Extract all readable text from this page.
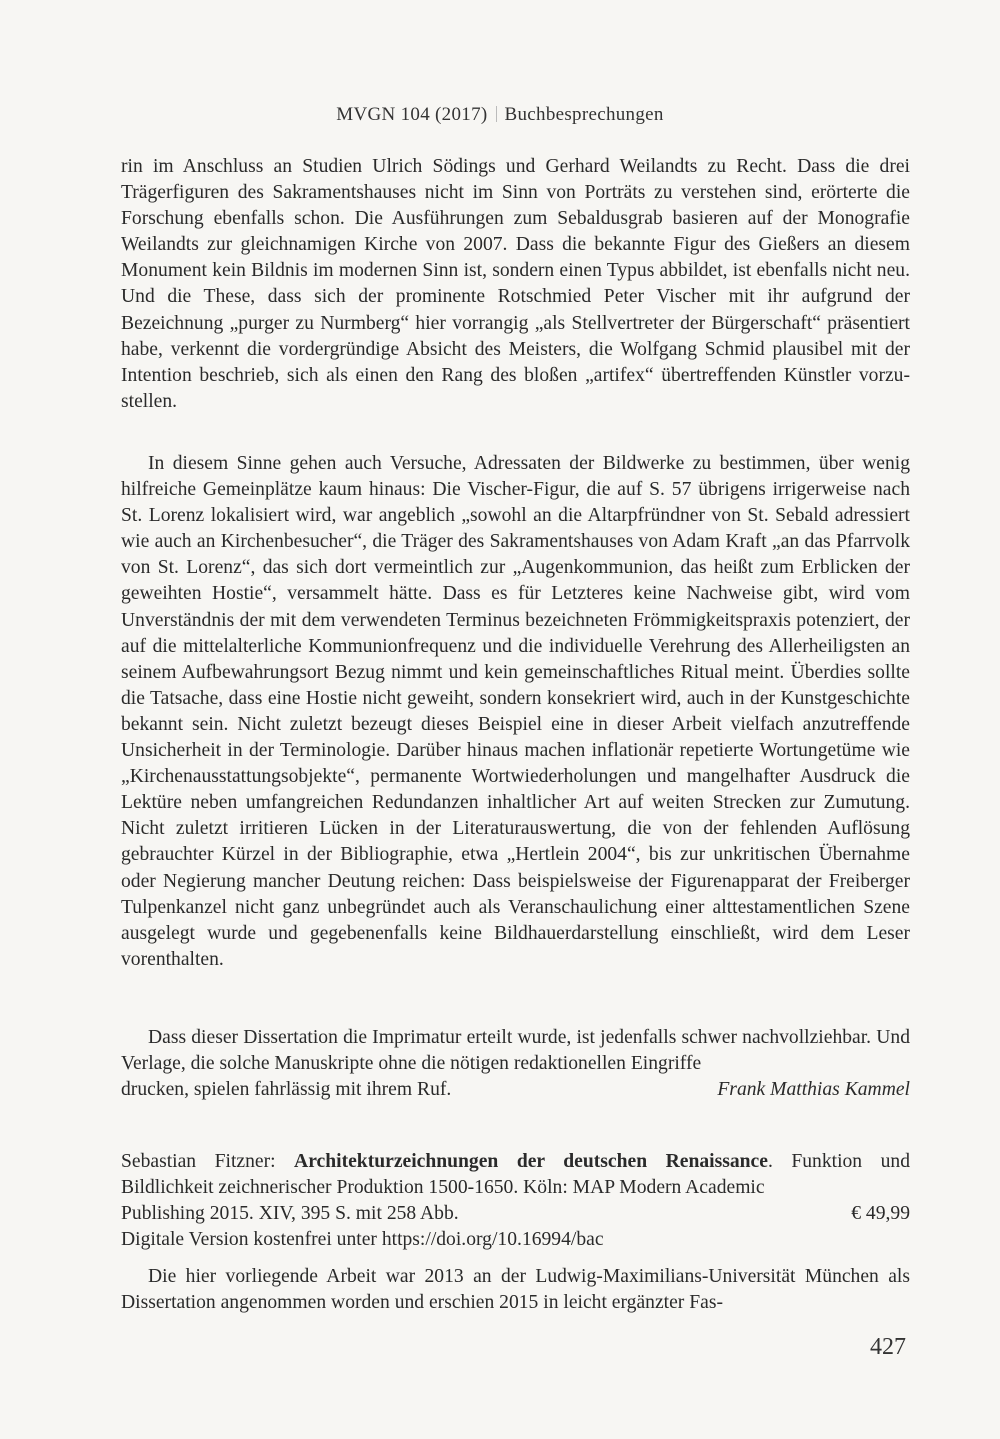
MVGN 104 (2017) Buchbesprechungen

rin im Anschluss an Studien Ulrich Södings und Gerhard Weilandts zu Recht. Dass die drei Trägerfiguren des Sakramentshauses nicht im Sinn von Porträts zu verstehen sind, erörterte die Forschung ebenfalls schon. Die Ausführungen zum Sebaldusgrab basieren auf der Monografie Weilandts zur gleichnamigen Kirche von 2007. Dass die bekannte Figur des Gießers an diesem Monument kein Bildnis im modernen Sinn ist, sondern einen Typus abbildet, ist ebenfalls nicht neu. Und die These, dass sich der prominente Rotschmied Peter Vischer mit ihr aufgrund der Bezeichnung „purger zu Nurmberg“ hier vorrangig „als Stellvertreter der Bürgerschaft“ präsentiert habe, verkennt die vordergründige Absicht des Meisters, die Wolfgang Schmid plausibel mit der Intention beschrieb, sich als einen den Rang des bloßen „artifex“ übertreffenden Künstler vorzustellen.

In diesem Sinne gehen auch Versuche, Adressaten der Bildwerke zu bestimmen, über wenig hilfreiche Gemeinplätze kaum hinaus: Die Vischer-Figur, die auf S. 57 übrigens irrigerweise nach St. Lorenz lokalisiert wird, war angeblich „sowohl an die Altarpfründner von St. Sebald adressiert wie auch an Kirchenbesucher“, die Träger des Sakramentshauses von Adam Kraft „an das Pfarrvolk von St. Lorenz“, das sich dort vermeintlich zur „Augenkommunion, das heißt zum Erblicken der geweihten Hostie“, versammelt hätte. Dass es für Letzteres keine Nachweise gibt, wird vom Unverständnis der mit dem verwendeten Terminus bezeichneten Frömmigkeitspraxis potenziert, der auf die mittelalterliche Kommunionfrequenz und die individuelle Verehrung des Allerheiligsten an seinem Aufbewahrungsort Bezug nimmt und kein gemeinschaftliches Ritual meint. Überdies sollte die Tatsache, dass eine Hostie nicht geweiht, sondern konsekriert wird, auch in der Kunstgeschichte bekannt sein. Nicht zuletzt bezeugt dieses Beispiel eine in dieser Arbeit vielfach anzutreffende Unsicherheit in der Terminologie. Darüber hinaus machen inflationär repetierte Wortungetüme wie „Kirchenausstattungsobjekte“, permanente Wortwiederholungen und mangelhafter Ausdruck die Lektüre neben umfangreichen Redundanzen inhaltlicher Art auf weiten Strecken zur Zumutung. Nicht zuletzt irritieren Lücken in der Literaturauswertung, die von der fehlenden Auflösung gebrauchter Kürzel in der Bibliographie, etwa „Hertlein 2004“, bis zur unkritischen Übernahme oder Negierung mancher Deutung reichen: Dass beispielsweise der Figurenapparat der Freiberger Tulpenkanzel nicht ganz unbegründet auch als Veranschaulichung einer alttestamentlichen Szene ausgelegt wurde und gegebenenfalls keine Bildhauerdarstellung einschließt, wird dem Leser vorenthalten.

Dass dieser Dissertation die Imprimatur erteilt wurde, ist jedenfalls schwer nachvollziehbar. Und Verlage, die solche Manuskripte ohne die nötigen redaktionellen Eingriffe

drucken, spielen fahrlässig mit ihrem Ruf.	Frank Matthias Kammel

Sebastian Fitzner: Architekturzeichnungen der deutschen Renaissance. Funktion und Bildlichkeit zeichnerischer Produktion 1500-1650. Köln: MAP Modern Academic

Publishing 2015. XIV, 395 S. mit 258 Abb.	€ 49,99

Digitale Version kostenfrei unter https://doi.org/10.16994/bac

Die hier vorliegende Arbeit war 2013 an der Ludwig-Maximilians-Universität München als Dissertation angenommen worden und erschien 2015 in leicht ergänzter Fas-

427
